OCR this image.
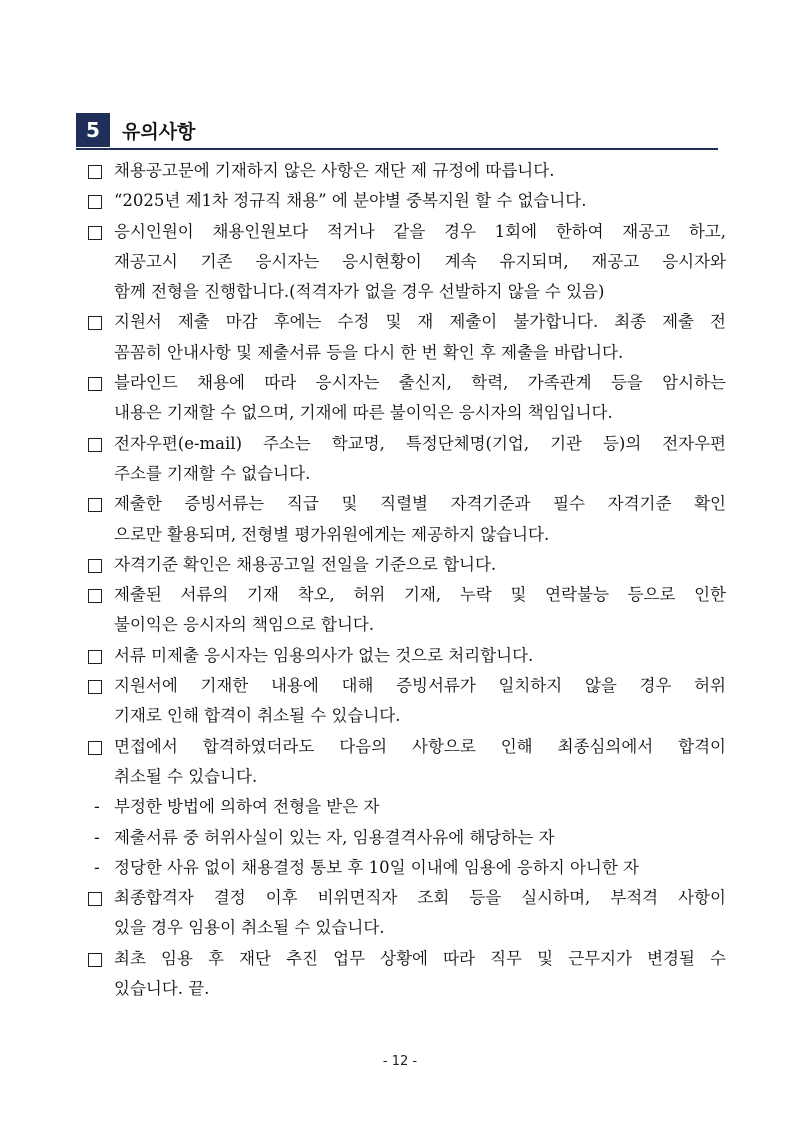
5	유의사항
채용공고문에 기재하지 않은 사항은 재단 제 규정에 따릅니다.
“2025년 제1차 정규직 채용” 에 분야별 중복지원 할 수 없습니다.
응시인원이 채용인원보다 적거나 같을 경우 1회에 한하여 재공고 하고,
재공고시 기존 응시자는 응시현황이 계속 유지되며, 재공고 응시자와
함께 전형을 진행합니다.(적격자가 없을 경우 선발하지 않을 수 있음)
지원서 제출 마감 후에는 수정 및 재 제출이 불가합니다. 최종 제출 전
꼼꼼히 안내사항 및 제출서류 등을 다시 한 번 확인 후 제출을 바랍니다.
블라인드 채용에 따라 응시자는 출신지, 학력, 가족관계 등을 암시하는
내용은 기재할 수 없으며, 기재에 따른 불이익은 응시자의 책임입니다.
전자우편(e-mail) 주소는 학교명, 특정단체명(기업, 기관 등)의 전자우편
주소를 기재할 수 없습니다.
제출한 증빙서류는 직급 및 직렬별 자격기준과 필수 자격기준 확인
으로만 활용되며, 전형별 평가위원에게는 제공하지 않습니다.
자격기준 확인은 채용공고일 전일을 기준으로 합니다.
제출된 서류의 기재 착오, 허위 기재, 누락 및 연락불능 등으로 인한
불이익은 응시자의 책임으로 합니다.
서류 미제출 응시자는 임용의사가 없는 것으로 처리합니다.
지원서에 기재한 내용에 대해 증빙서류가 일치하지 않을 경우 허위
기재로 인해 합격이 취소될 수 있습니다.
면접에서 합격하였더라도 다음의 사항으로 인해 최종심의에서 합격이
취소될 수 있습니다.
- 부정한 방법에 의하여 전형을 받은 자
- 제출서류 중 허위사실이 있는 자, 임용결격사유에 해당하는 자
- 정당한 사유 없이 채용결정 통보 후 10일 이내에 임용에 응하지 아니한 자
최종합격자 결정 이후 비위면직자 조회 등을 실시하며, 부적격 사항이
있을 경우 임용이 취소될 수 있습니다.
최초 임용 후 재단 추진 업무 상황에 따라 직무 및 근무지가 변경될 수
있습니다. 끝.
- 12 -
